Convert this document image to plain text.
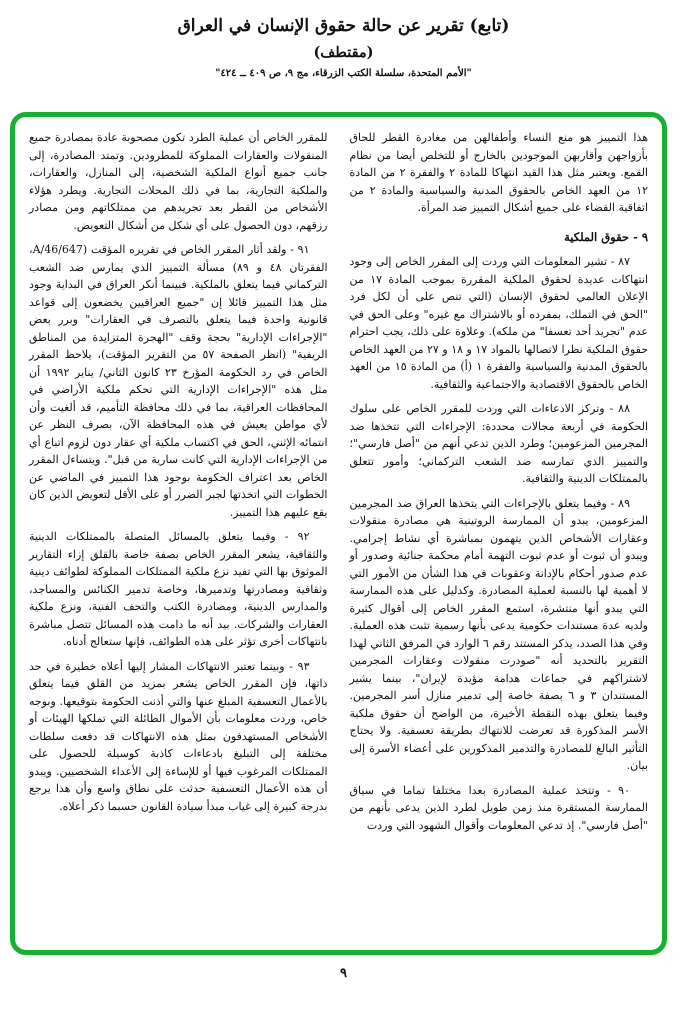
(تابع) تقرير عن حالة حقوق الإنسان في العراق
(مقتطف)
"الأمم المتحدة، سلسلة الكتب الزرقاء، مج ٩، ص ٤٠٩ ــ ٤٢٤"

هذا التمييز هو منع النساء وأطفالهن من مغادرة القطر للحاق بأزواجهن وأقاربهن الموجودين بالخارج أو للتخلص أيضا من نظام القمع. ويعتبر مثل هذا القيد انتهاكا للمادة ٢ والفقرة ٢ من المادة ١٢ من العهد الخاص بالحقوق المدنية والسياسية والمادة ٢ من اتفاقية القضاء على جميع أشكال التمييز ضد المرأة.

٩ - حقوق الملكية

٨٧ - تشير المعلومات التي وردت إلى المقرر الخاص إلى وجود انتهاكات عديدة لحقوق الملكية المقررة بموجب المادة ١٧ من الإعلان العالمي لحقوق الإنسان (التي تنص على أن لكل فرد "الحق في التملك، بمفرده أو بالاشتراك مع غيره" وعلى الحق في عدم "تجريد أحد تعسفا" من ملكه). وعلاوة على ذلك، يجب احترام حقوق الملكية نظرا لاتصالها بالمواد ١٧ و ١٨ و ٢٧ من العهد الخاص بالحقوق المدنية والسياسية والفقرة ١ (أ) من المادة ١٥ من العهد الخاص بالحقوق الاقتصادية والاجتماعية والثقافية.

٨٨ - وتركز الادعاءات التي وردت للمقرر الخاص على سلوك الحكومة في أربعة مجالات محددة: الإجراءات التي تتخذها ضد المجرمين المزعومين؛ وطرد الذين تدعي أنهم من "أصل فارسي"؛ والتمييز الذي تمارسه ضد الشعب التركماني؛ وأمور تتعلق بالممتلكات الدينية والثقافية.

٨٩ - وفيما يتعلق بالإجراءات التي يتخذها العراق ضد المجرمين المزعومين، يبدو أن الممارسة الروتينية هي مصادرة منقولات وعقارات الأشخاص الذين يتهمون بمباشرة أي نشاط إجرامي. ويبدو أن ثبوت أو عدم ثبوت التهمة أمام محكمة جنائية وصدور أو عدم صدور أحكام بالإدانة وعقوبات في هذا الشأن من الأمور التي لا أهمية لها بالنسبة لعملية المصادرة. وكدليل على هذه الممارسة التي يبدو أنها منتشرة، استمع المقرر الخاص إلى أقوال كثيرة ولديه عدة مستندات حكومية يدعى بأنها رسمية تثبت هذه العملية. وفي هذا الصدد، يذكر المستند رقم ٦ الوارد في المرفق الثاني لهذا التقرير بالتحديد أنه "صودرت منقولات وعقارات المجرمين لاشتراكهم في جماعات هدامة مؤيدة لإيران"، بينما يشير المستندان ٣ و ٦ بصفة خاصة إلى تدمير منازل أسر المجرمين. وفيما يتعلق بهذه النقطة الأخيرة، من الواضح أن حقوق ملكية الأسر المذكورة قد تعرضت للانتهاك بطريقة تعسفية. ولا يحتاج التأثير البالغ للمصادرة والتدمير المذكورين على أعضاء الأسرة إلى بيان.

٩٠ - وتتخذ عملية المصادرة بعدا مختلفا تماما في سياق الممارسة المستقرة منذ زمن طويل لطرد الذين يدعى بأنهم من "أصل فارسي". إذ تدعي المعلومات وأقوال الشهود التي وردت

للمقرر الخاص أن عملية الطرد تكون مصحوبة عادة بمصادرة جميع المنقولات والعقارات المملوكة للمطرودين. وتمتد المصادرة، إلى جانب جميع أنواع الملكية الشخصية، إلى المنازل، والعقارات، والملكية التجارية، بما في ذلك المحلات التجارية. ويطرد هؤلاء الأشخاص من القطر بعد تجريدهم من ممتلكاتهم ومن مصادر رزقهم، دون الحصول على أي شكل من أشكال التعويض.

٩١ - ولقد أثار المقرر الخاص في تقريره المؤقت (A/46/647، الفقرتان ٤٨ و ٨٩) مسألة التمييز الذي يمارس ضد الشعب التركماني فيما يتعلق بالملكية. فبينما أنكر العراق في البداية وجود مثل هذا التمييز قائلا إن "جميع العراقيين يخضعون إلى قواعد قانونية واحدة فيما يتعلق بالتصرف في العقارات" وبرر بعض "الإجراءات الإدارية" بحجة وقف "الهجرة المتزايدة من المناطق الريفية" (انظر الصفحة ٥٧ من التقرير المؤقت)، يلاحظ المقرر الخاص في رد الحكومة المؤرخ ٢٣ كانون الثاني/ يناير ١٩٩٢ أن مثل هذه "الإجراءات الإدارية التي تحكم ملكية الأراضي في المحافظات العراقية، بما في ذلك محافظة التأميم، قد ألغيت وأن لأي مواطن يعيش في هذه المحافظة الآن، بصرف النظر عن انتمائه الإثني، الحق في اكتساب ملكية أي عقار دون لزوم اتباع أي من الإجراءات الإدارية التي كانت سارية من قبل". ويتساءل المقرر الخاص بعد اعتراف الحكومة بوجود هذا التمييز في الماضي عن الخطوات التي اتخذتها لجبر الضرر أو على الأقل لتعويض الذين كان يقع عليهم هذا التمييز.

٩٢ - وفيما يتعلق بالمسائل المتصلة بالممتلكات الدينية والثقافية، يشعر المقرر الخاص بصفة خاصة بالقلق إزاء التقارير الموثوق بها التي تفيد نزع ملكية الممتلكات المملوكة لطوائف دينية وثقافية ومصادرتها وتدميرها، وخاصة تدمير الكنائس والمساجد، والمدارس الدينية، ومصادرة الكتب والتحف الفنية، ونزع ملكية العقارات والشركات. بيد أنه ما دامت هذه المسائل تتصل مباشرة بانتهاكات أخرى تؤثر على هذه الطوائف، فإنها ستعالج أدناه.

٩٣ - وبينما تعتبر الانتهاكات المشار إليها أعلاه خطيرة في حد ذاتها، فإن المقرر الخاص يشعر بمزيد من القلق فيما يتعلق بالأعمال التعسفية المبلغ عنها والتي أذنت الحكومة بتوقيعها. وبوجه خاص، وردت معلومات بأن الأموال الطائلة التي تملكها الهيئات أو الأشخاص المستهدفون بمثل هذه الانتهاكات قد دفعت سلطات مختلفة إلى التبليغ بادعاءات كاذبة كوسيلة للحصول على الممتلكات المرغوب فيها أو للإساءة إلى الأعداء الشخصيين. ويبدو أن هذه الأعمال التعسفية حدثت على نطاق واسع وأن هذا يرجع بدرجة كبيرة إلى غياب مبدأ سيادة القانون حسبما ذكر أعلاه.

٩
